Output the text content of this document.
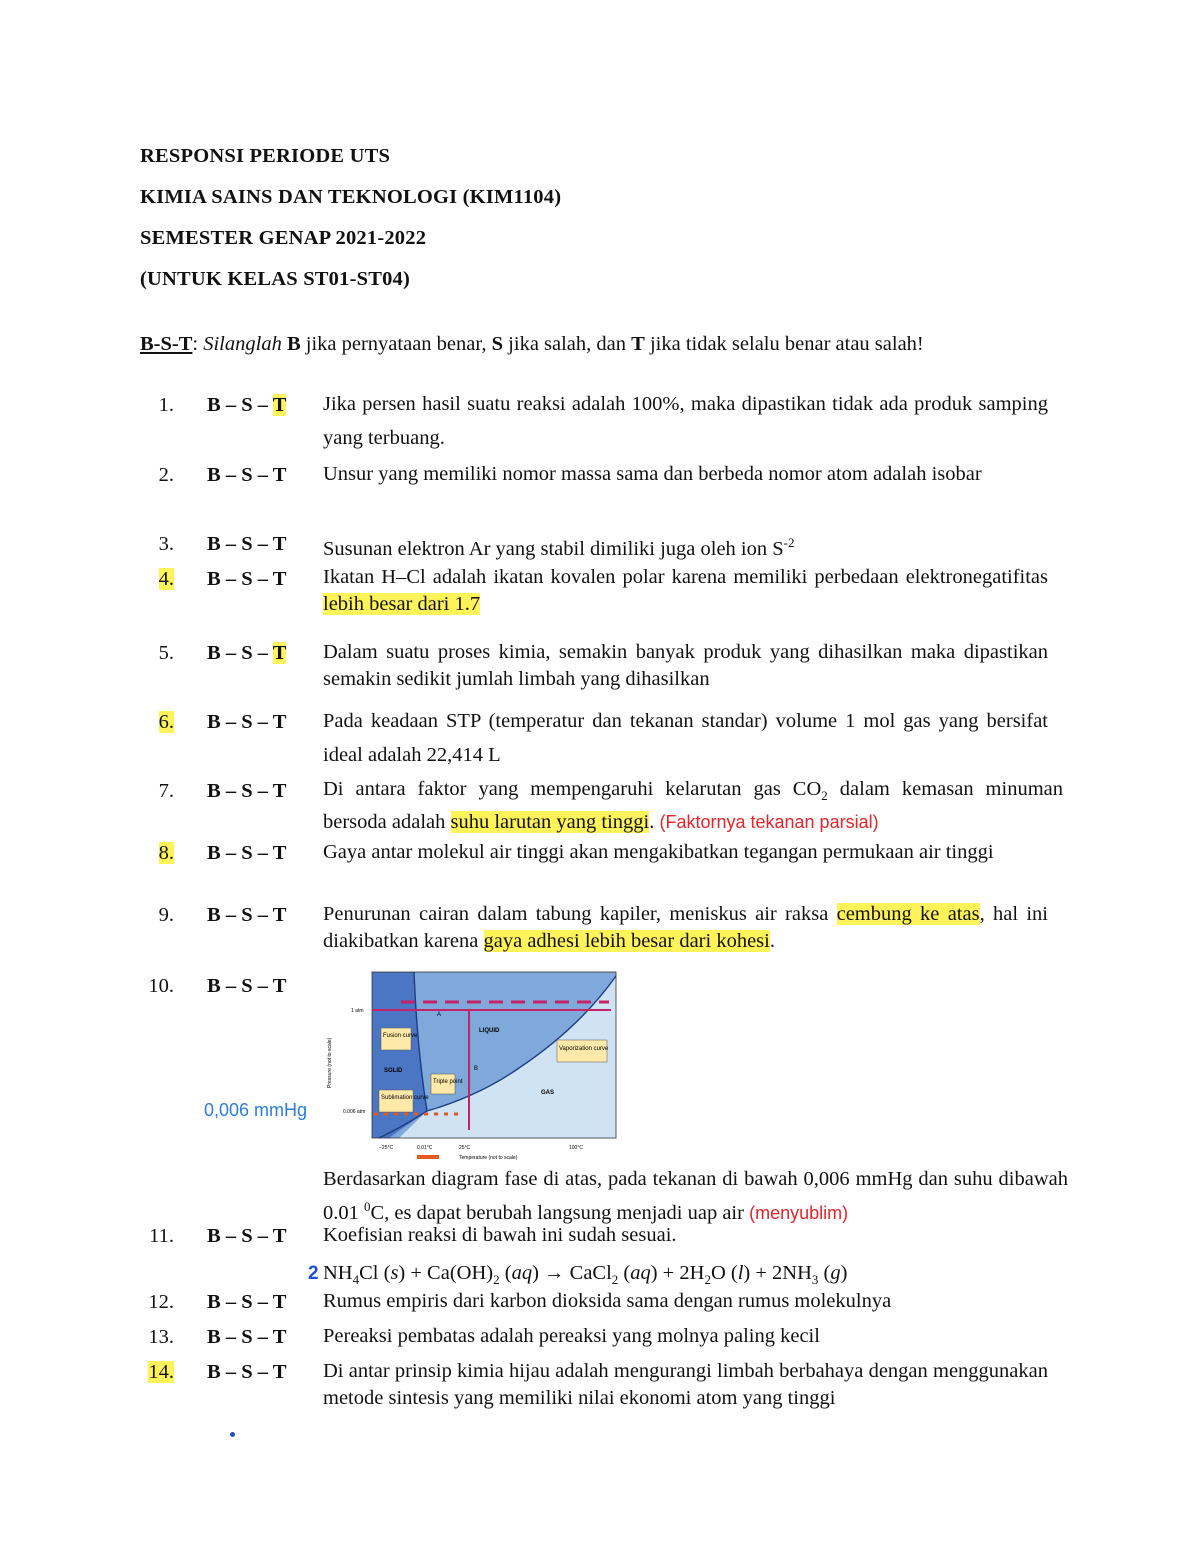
RESPONSI PERIODE UTS
KIMIA SAINS DAN TEKNOLOGI (KIM1104)
SEMESTER GENAP 2021-2022
(UNTUK KELAS ST01-ST04)
B-S-T: Silanglah B jika pernyataan benar, S jika salah, dan T jika tidak selalu benar atau salah!
1. B – S – T Jika persen hasil suatu reaksi adalah 100%, maka dipastikan tidak ada produk samping yang terbuang.
2. B – S – T Unsur yang memiliki nomor massa sama dan berbeda nomor atom adalah isobar
3. B – S – T Susunan elektron Ar yang stabil dimiliki juga oleh ion $S^{-2}$
4. B – S – T Ikatan H–Cl adalah ikatan kovalen polar karena memiliki perbedaan elektronegatifitas lebih besar dari 1.7
5. B – S – T Dalam suatu proses kimia, semakin banyak produk yang dihasilkan maka dipastikan semakin sedikit jumlah limbah yang dihasilkan
6. B – S – T Pada keadaan STP (temperatur dan tekanan standar) volume 1 mol gas yang bersifat ideal adalah 22,414 L
7. B – S – T Di antara faktor yang mempengaruhi kelarutan gas $CO_2$ dalam kemasan minuman bersoda adalah suhu larutan yang tinggi. (Faktornya tekanan parsial)
8. B – S – T Gaya antar molekul air tinggi akan mengakibatkan tegangan permukaan air tinggi
9. B – S – T Penurunan cairan dalam tabung kapiler, meniskus air raksa cembung ke atas, hal ini diakibatkan karena gaya adhesi lebih besar dari kohesi.
10. B – S – T
Fusion curve
Vaporization curve
Sublimation curve
Triple point
SOLID
LIQUID
GAS
A
B
1 atm
0.006 atm
−25°C	0.01°C	25°C	100°C
Temperature (not to scale)
Pressure (not to scale)
0,006 mmHg
Berdasarkan diagram fase di atas, pada tekanan di bawah 0,006 mmHg dan suhu dibawah 0.01 $^0$C, es dapat berubah langsung menjadi uap air (menyublim)
11. B – S – T Koefisian reaksi di bawah ini sudah sesuai.
2 $NH_4Cl$ $(s) + Ca(OH)_2$ (aq) → CaCl$_2$ $(aq) + 2H_2O$ $(l) + 2NH_3$ (g)
12. B – S – T Rumus empiris dari karbon dioksida sama dengan rumus molekulnya
13. B – S – T Pereaksi pembatas adalah pereaksi yang molnya paling kecil
14. B – S – T Di antar prinsip kimia hijau adalah mengurangi limbah berbahaya dengan menggunakan metode sintesis yang memiliki nilai ekonomi atom yang tinggi
